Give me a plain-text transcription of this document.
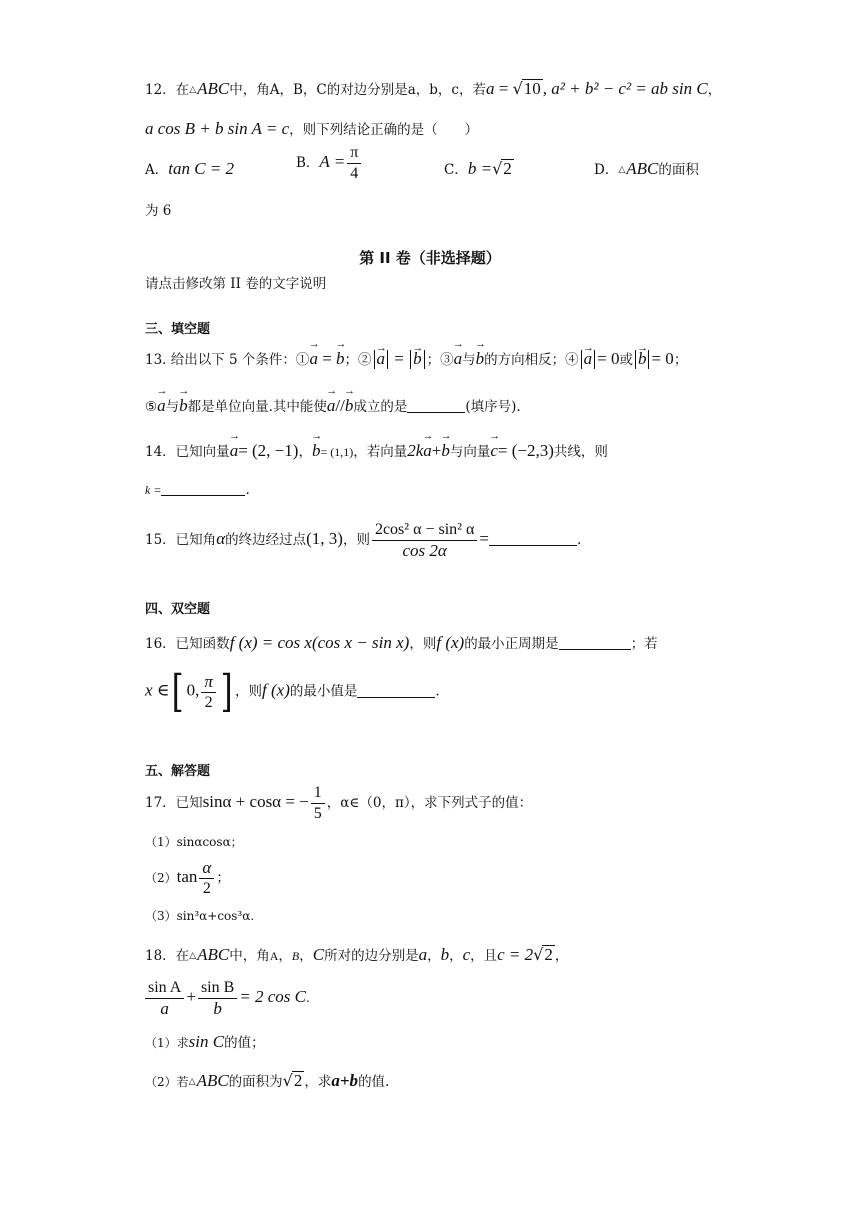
12．在△ABC中，角A，B，C的对边分别是a，b，c，若a = √10 , a² + b² − c² = ab sin C，
a cos B + b sin A = c，则下列结论正确的是（　　）
A．tan C = 2	B．$A = \frac{\pi}{4}$	C．b =√2	D．△ABC的面积
为 6
第 II 卷（非选择题）
请点击修改第 II 卷的文字说明
三、填空题
13. 给出以下 5 个条件：①→ a = → b；② → a = → b ；③→ a与→ b的方向相反；④ → a = 0或 → b = 0；
⑤→ a与→ b都是单位向量.其中能使→ a//→ b成立的是	(填序号).
14．已知向量→ a= (2, −1)，→ b= (1,1)，若向量2k→ a+→ b与向量→ c= (−2,3)共线，则
k =	.
15．已知角α的终边经过点(1, 3)，则 $\frac{\text{2cos² α − sin² α}}{\cos 2\alpha}$ =	.
四、双空题
16．已知函数f (x) = cos x(cos x − sin x)，则f (x)的最小正周期是	；若
x ∈[ 0, $\frac{\pi}{2}$ ] ，则f (x)的最小值是	.
五、解答题
17．已知sinα + cosα = − $\frac{1}{5}$ ，α∈（0，π），求下列式子的值：
（1）sinαcosα；
$(2)\tan \frac{\alpha}{2}$ ；
（3）sin³α+cos³α.
18．在△ABC中，角A，B，C所对的边分别是a，b，c，且c = 2√2 ，
$\frac{\text{sin A}}{a} + \frac{\text{sin B}}{b} = 2$ cos C.
（1）求sin C的值；
（2）若△ABC的面积为√2 ，求a+b的值.
